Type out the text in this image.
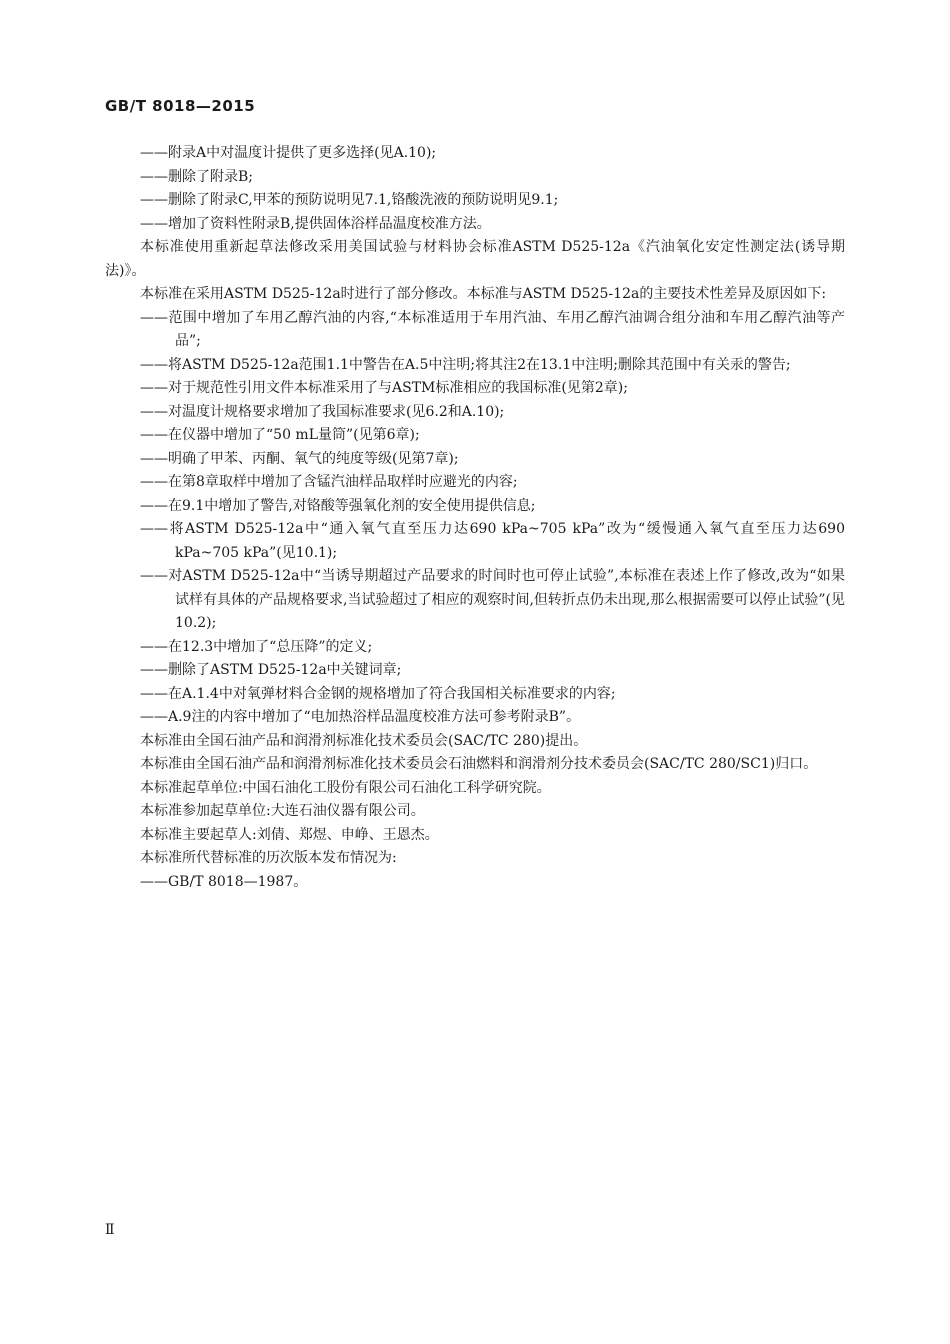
GB/T 8018—2015

——附录A中对温度计提供了更多选择(见A.10);

——删除了附录B;

——删除了附录C,甲苯的预防说明见7.1,铬酸洗液的预防说明见9.1;

——增加了资料性附录B,提供固体浴样品温度校准方法。

本标准使用重新起草法修改采用美国试验与材料协会标准ASTM D525-12a《汽油氧化安定性测定法(诱导期法)》。

本标准在采用ASTM D525-12a时进行了部分修改。本标准与ASTM D525-12a的主要技术性差异及原因如下:

——范围中增加了车用乙醇汽油的内容,“本标准适用于车用汽油、车用乙醇汽油调合组分油和车用乙醇汽油等产品”;

——将ASTM D525-12a范围1.1中警告在A.5中注明;将其注2在13.1中注明;删除其范围中有关汞的警告;

——对于规范性引用文件本标准采用了与ASTM标准相应的我国标准(见第2章);

——对温度计规格要求增加了我国标准要求(见6.2和A.10);

——在仪器中增加了“50 mL量筒”(见第6章);

——明确了甲苯、丙酮、氧气的纯度等级(见第7章);

——在第8章取样中增加了含锰汽油样品取样时应避光的内容;

——在9.1中增加了警告,对铬酸等强氧化剂的安全使用提供信息;

——将ASTM D525-12a中“通入氧气直至压力达690 kPa~705 kPa”改为“缓慢通入氧气直至压力达690 kPa~705 kPa”(见10.1);

——对ASTM D525-12a中“当诱导期超过产品要求的时间时也可停止试验”,本标准在表述上作了修改,改为“如果试样有具体的产品规格要求,当试验超过了相应的观察时间,但转折点仍未出现,那么根据需要可以停止试验”(见10.2);

——在12.3中增加了“总压降”的定义;

——删除了ASTM D525-12a中关键词章;

——在A.1.4中对氧弹材料合金钢的规格增加了符合我国相关标准要求的内容;

——A.9注的内容中增加了“电加热浴样品温度校准方法可参考附录B”。

本标准由全国石油产品和润滑剂标准化技术委员会(SAC/TC 280)提出。

本标准由全国石油产品和润滑剂标准化技术委员会石油燃料和润滑剂分技术委员会(SAC/TC 280/SC1)归口。

本标准起草单位:中国石油化工股份有限公司石油化工科学研究院。

本标准参加起草单位:大连石油仪器有限公司。

本标准主要起草人:刘倩、郑煜、申峥、王恩杰。

本标准所代替标准的历次版本发布情况为:

——GB/T 8018—1987。

Ⅱ
